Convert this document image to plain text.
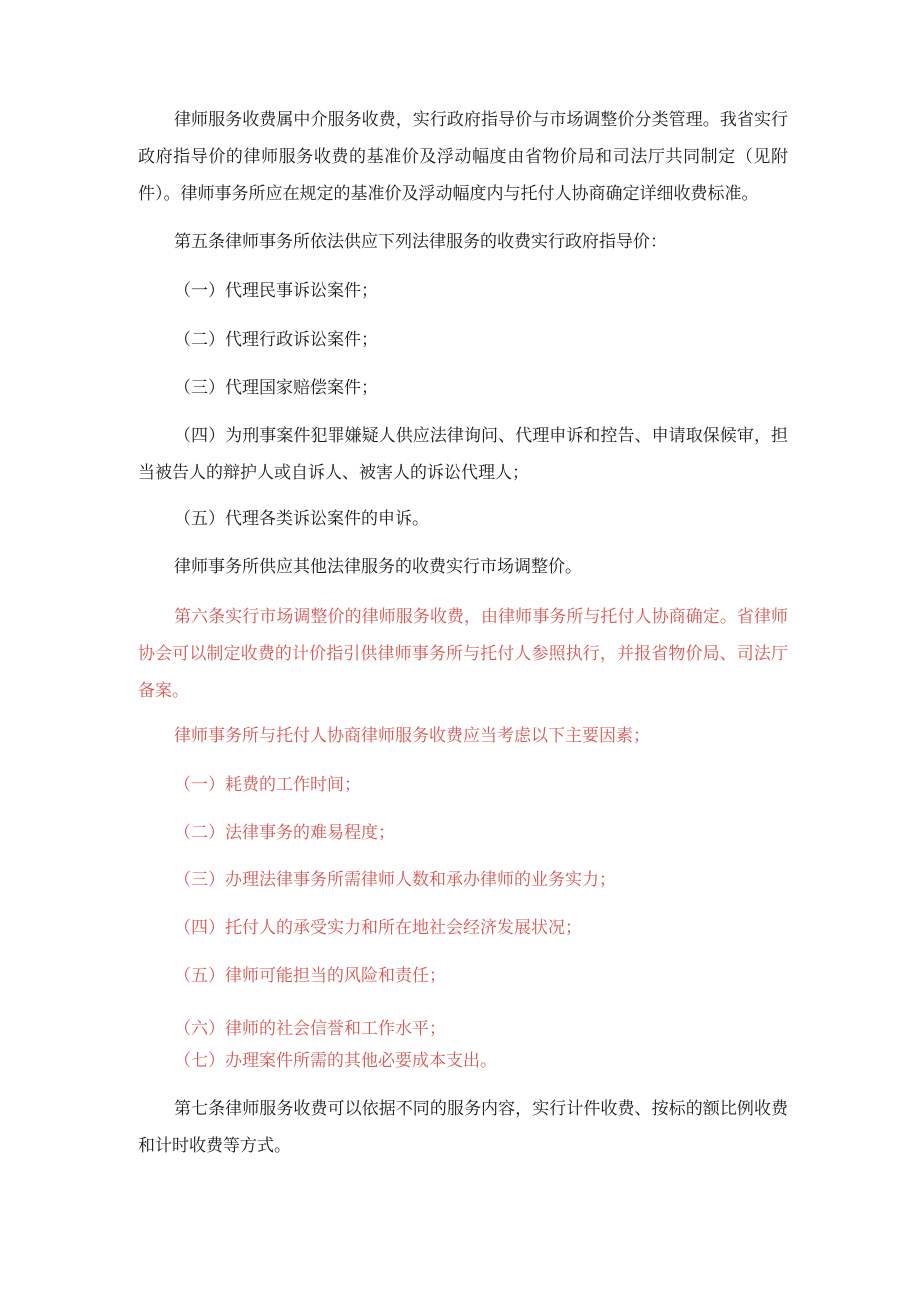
律师服务收费属中介服务收费，实行政府指导价与市场调整价分类管理。我省实行政府指导价的律师服务收费的基准价及浮动幅度由省物价局和司法厅共同制定（见附件）。律师事务所应在规定的基准价及浮动幅度内与托付人协商确定详细收费标准。

第五条律师事务所依法供应下列法律服务的收费实行政府指导价：

（一）代理民事诉讼案件；

（二）代理行政诉讼案件；

（三）代理国家赔偿案件；

（四）为刑事案件犯罪嫌疑人供应法律询问、代理申诉和控告、申请取保候审，担当被告人的辩护人或自诉人、被害人的诉讼代理人；

（五）代理各类诉讼案件的申诉。

律师事务所供应其他法律服务的收费实行市场调整价。

第六条实行市场调整价的律师服务收费，由律师事务所与托付人协商确定。省律师协会可以制定收费的计价指引供律师事务所与托付人参照执行，并报省物价局、司法厅备案。

律师事务所与托付人协商律师服务收费应当考虑以下主要因素；

（一）耗费的工作时间；

（二）法律事务的难易程度；

（三）办理法律事务所需律师人数和承办律师的业务实力；

（四）托付人的承受实力和所在地社会经济发展状况；

（五）律师可能担当的风险和责任；

（六）律师的社会信誉和工作水平；

（七）办理案件所需的其他必要成本支出。

第七条律师服务收费可以依据不同的服务内容，实行计件收费、按标的额比例收费和计时收费等方式。
